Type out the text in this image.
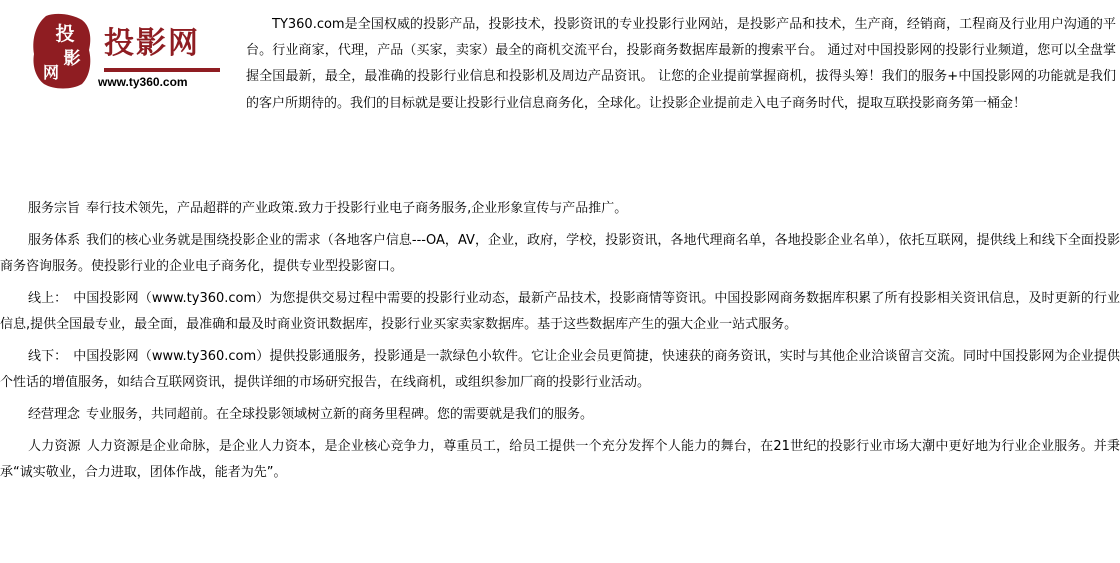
投
影
网
投影网
www.ty360.com

TY360.com是全国权威的投影产品，投影技术，投影资讯的专业投影行业网站，是投影产品和技术，生产商，经销商，工程商及行业用户沟通的平台。行业商家，代理，产品（买家，卖家）最全的商机交流平台，投影商务数据库最新的搜索平台。 通过对中国投影网的投影行业频道，您可以全盘掌握全国最新，最全，最准确的投影行业信息和投影机及周边产品资讯。 让您的企业提前掌握商机，拔得头筹！我们的服务+中国投影网的功能就是我们的客户所期待的。我们的目标就是要让投影行业信息商务化，全球化。让投影企业提前走入电子商务时代，提取互联投影商务第一桶金！

服务宗旨 奉行技术领先，产品超群的产业政策.致力于投影行业电子商务服务,企业形象宣传与产品推广。

服务体系 我们的核心业务就是围绕投影企业的需求（各地客户信息---OA，AV，企业，政府，学校，投影资讯，各地代理商名单，各地投影企业名单），依托互联网，提供线上和线下全面投影商务咨询服务。使投影行业的企业电子商务化，提供专业型投影窗口。

线上： 中国投影网（www.ty360.com）为您提供交易过程中需要的投影行业动态，最新产品技术，投影商情等资讯。中国投影网商务数据库积累了所有投影相关资讯信息，及时更新的行业信息,提供全国最专业，最全面，最准确和最及时商业资讯数据库，投影行业买家卖家数据库。基于这些数据库产生的强大企业一站式服务。

线下： 中国投影网（www.ty360.com）提供投影通服务，投影通是一款绿色小软件。它让企业会员更简捷，快速获的商务资讯，实时与其他企业洽谈留言交流。同时中国投影网为企业提供个性话的增值服务，如结合互联网资讯，提供详细的市场研究报告，在线商机，或组织参加厂商的投影行业活动。

经营理念 专业服务，共同超前。在全球投影领域树立新的商务里程碑。您的需要就是我们的服务。

人力资源 人力资源是企业命脉，是企业人力资本，是企业核心竞争力，尊重员工，给员工提供一个充分发挥个人能力的舞台，在21世纪的投影行业市场大潮中更好地为行业企业服务。并秉承“诚实敬业，合力进取，团体作战，能者为先”。
